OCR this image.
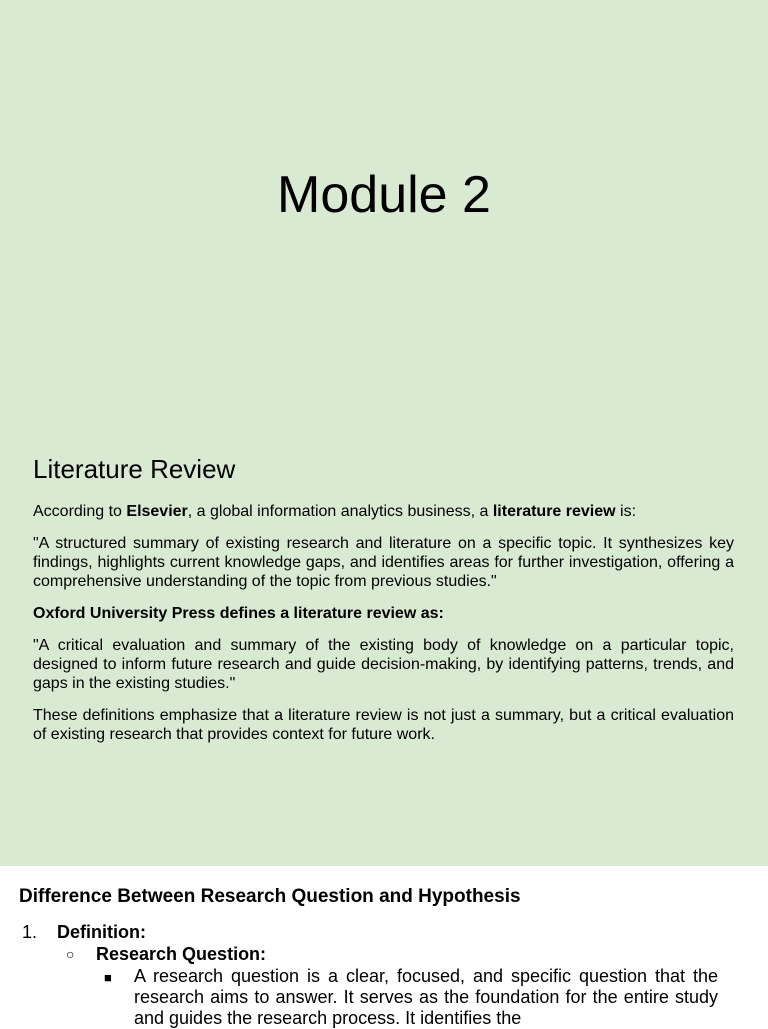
Module 2
Literature Review

According to Elsevier, a global information analytics business, a literature review is:

"A structured summary of existing research and literature on a specific topic. It synthesizes key findings, highlights current knowledge gaps, and identifies areas for further investigation, offering a comprehensive understanding of the topic from previous studies."

Oxford University Press defines a literature review as:

"A critical evaluation and summary of the existing body of knowledge on a particular topic, designed to inform future research and guide decision-making, by identifying patterns, trends, and gaps in the existing studies."

These definitions emphasize that a literature review is not just a summary, but a critical evaluation of existing research that provides context for future work.

Difference Between Research Question and Hypothesis
1. Definition:
○ Research Question:
■ A research question is a clear, focused, and specific question that the research aims to answer. It serves as the foundation for the entire study and guides the research process. It identifies the
